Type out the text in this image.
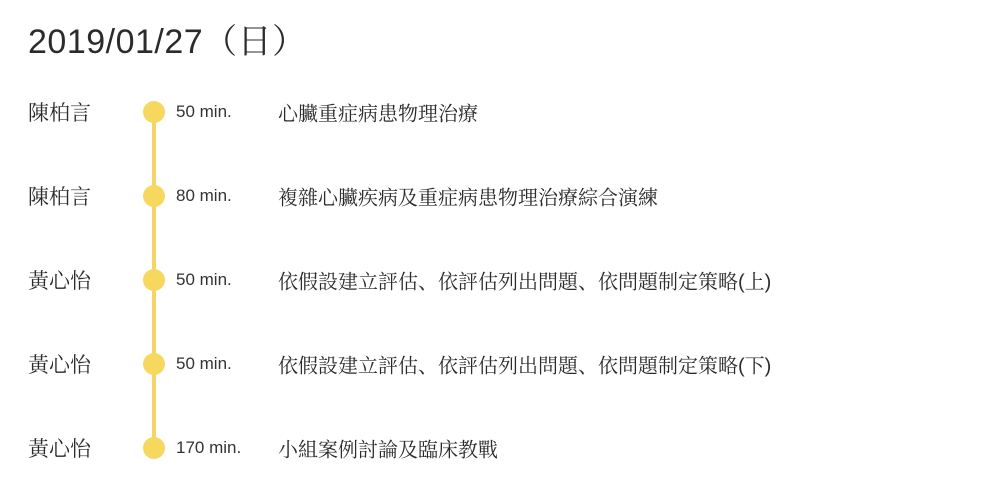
2019/01/27（日）
陳柏言	50 min. 心臟重症病患物理治療
陳柏言	80 min. 複雜心臟疾病及重症病患物理治療綜合演練
黃心怡	50 min. 依假設建立評估、依評估列出問題、依問題制定策略(上)
黃心怡	50 min. 依假設建立評估、依評估列出問題、依問題制定策略(下)
黃心怡	170 min. 小組案例討論及臨床教戰
